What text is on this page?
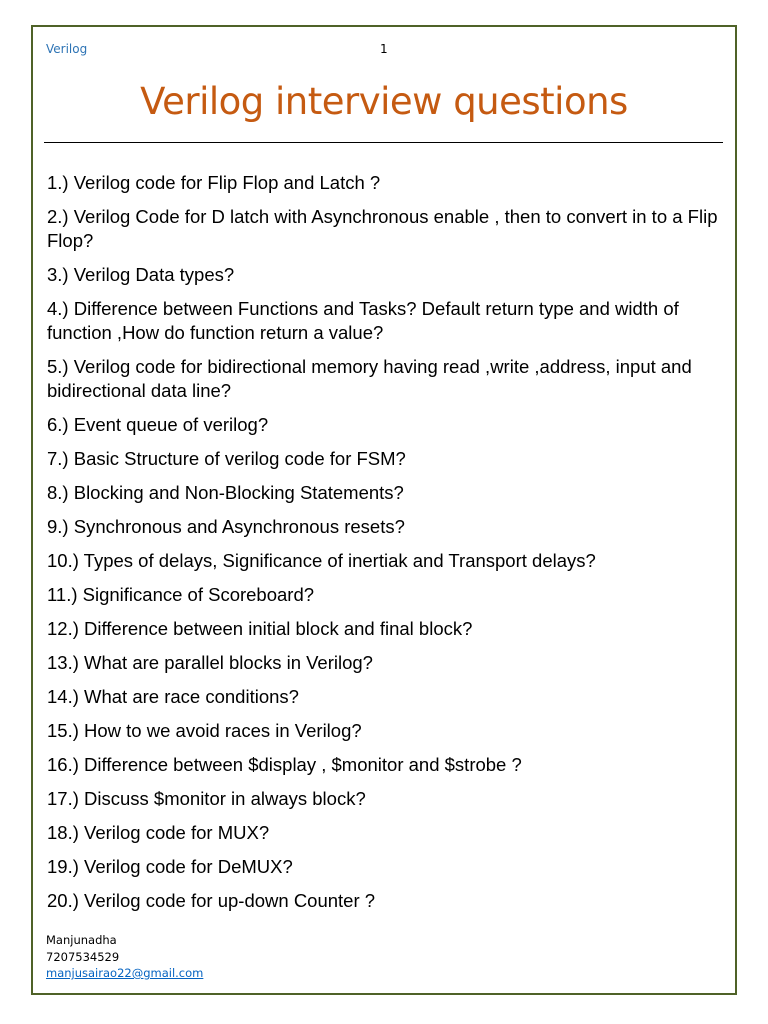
Verilog	1
Verilog interview questions
1.) Verilog code for Flip Flop and Latch ?
2.) Verilog Code for D latch with Asynchronous enable , then to convert in to a Flip Flop?
3.) Verilog Data types?
4.) Difference between Functions and Tasks? Default return type and width of function ,How do function return a value?
5.) Verilog code for bidirectional memory having read ,write ,address, input and bidirectional data line?
6.) Event queue of verilog?
7.) Basic Structure of verilog code for FSM?
8.) Blocking and Non-Blocking Statements?
9.) Synchronous and Asynchronous resets?
10.) Types of delays, Significance of inertiak and Transport delays?
11.) Significance of Scoreboard?
12.) Difference between initial block and final block?
13.) What are parallel blocks in Verilog?
14.) What are race conditions?
15.) How to we avoid races in Verilog?
16.) Difference between $display , $monitor and $strobe ?
17.) Discuss $monitor in always block?
18.) Verilog code for MUX?
19.) Verilog code for DeMUX?
20.) Verilog code for up-down Counter ?
Manjunadha
7207534529
manjusairao22@gmail.com
